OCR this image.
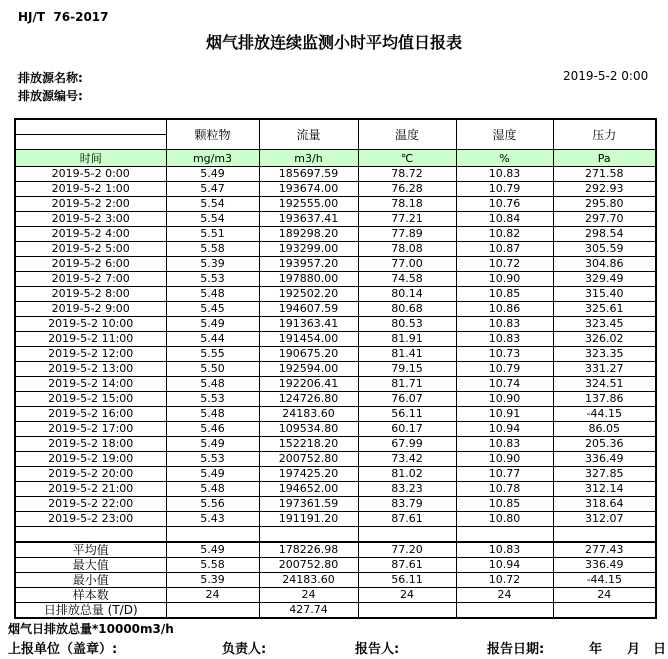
HJ/T  76-2017
烟气排放连续监测小时平均值日报表
排放源名称:
排放源编号:
2019-5-2 0:00
	颗粒物	流量	温度	湿度	压力
时间	mg/m3	m3/h	℃	%	Pa
2019-5-2 0:00	5.49	185697.59	78.72	10.83	271.58
2019-5-2 1:00	5.47	193674.00	76.28	10.79	292.93
2019-5-2 2:00	5.54	192555.00	78.18	10.76	295.80
2019-5-2 3:00	5.54	193637.41	77.21	10.84	297.70
2019-5-2 4:00	5.51	189298.20	77.89	10.82	298.54
2019-5-2 5:00	5.58	193299.00	78.08	10.87	305.59
2019-5-2 6:00	5.39	193957.20	77.00	10.72	304.86
2019-5-2 7:00	5.53	197880.00	74.58	10.90	329.49
2019-5-2 8:00	5.48	192502.20	80.14	10.85	315.40
2019-5-2 9:00	5.45	194607.59	80.68	10.86	325.61
2019-5-2 10:00	5.49	191363.41	80.53	10.83	323.45
2019-5-2 11:00	5.44	191454.00	81.91	10.83	326.02
2019-5-2 12:00	5.55	190675.20	81.41	10.73	323.35
2019-5-2 13:00	5.50	192594.00	79.15	10.79	331.27
2019-5-2 14:00	5.48	192206.41	81.71	10.74	324.51
2019-5-2 15:00	5.53	124726.80	76.07	10.90	137.86
2019-5-2 16:00	5.48	24183.60	56.11	10.91	-44.15
2019-5-2 17:00	5.46	109534.80	60.17	10.94	86.05
2019-5-2 18:00	5.49	152218.20	67.99	10.83	205.36
2019-5-2 19:00	5.53	200752.80	73.42	10.90	336.49
2019-5-2 20:00	5.49	197425.20	81.02	10.77	327.85
2019-5-2 21:00	5.48	194652.00	83.23	10.78	312.14
2019-5-2 22:00	5.56	197361.59	83.79	10.85	318.64
2019-5-2 23:00	5.43	191191.20	87.61	10.80	312.07

平均值	5.49	178226.98	77.20	10.83	277.43
最大值	5.58	200752.80	87.61	10.94	336.49
最小值	5.39	24183.60	56.11	10.72	-44.15
样本数	24	24	24	24	24
日排放总量 (T/D)		427.74			
烟气日排放总量*10000m3/h
上报单位（盖章）:	负责人:	报告人:	报告日期:	年 月 日
